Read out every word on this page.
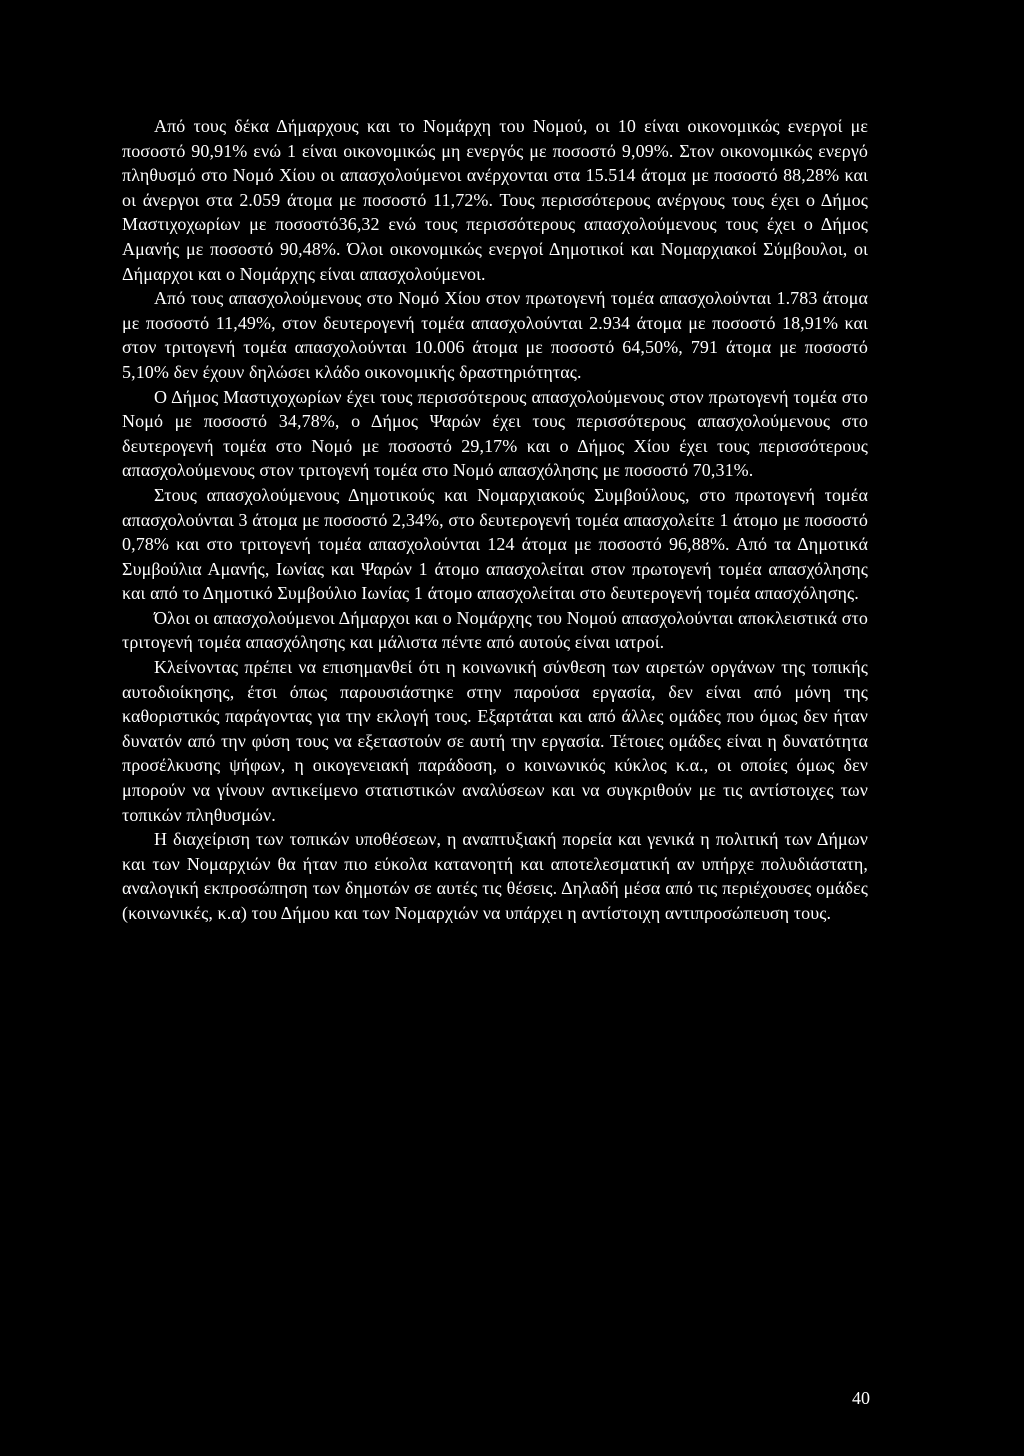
Από τους δέκα Δήμαρχους και το Νομάρχη του Νομού, οι 10 είναι οικονομικώς ενεργοί με ποσοστό 90,91% ενώ 1 είναι οικονομικώς μη ενεργός με ποσοστό 9,09%. Στον οικονομικώς ενεργό πληθυσμό στο Νομό Χίου οι απασχολούμενοι ανέρχονται στα 15.514 άτομα με ποσοστό 88,28% και οι άνεργοι στα 2.059 άτομα με ποσοστό 11,72%. Τους περισσότερους ανέργους τους έχει ο Δήμος Μαστιχοχωρίων με ποσοστό36,32 ενώ τους περισσότερους απασχολούμενους τους έχει ο Δήμος Αμανής με ποσοστό 90,48%. Όλοι οικονομικώς ενεργοί Δημοτικοί και Νομαρχιακοί Σύμβουλοι, οι Δήμαρχοι και ο Νομάρχης είναι απασχολούμενοι.

Από τους απασχολούμενους στο Νομό Χίου στον πρωτογενή τομέα απασχολούνται 1.783 άτομα με ποσοστό 11,49%, στον δευτερογενή τομέα απασχολούνται 2.934 άτομα με ποσοστό 18,91% και στον τριτογενή τομέα απασχολούνται 10.006 άτομα με ποσοστό 64,50%, 791 άτομα με ποσοστό 5,10% δεν έχουν δηλώσει κλάδο οικονομικής δραστηριότητας.

Ο Δήμος Μαστιχοχωρίων έχει τους περισσότερους απασχολούμενους στον πρωτογενή τομέα στο Νομό με ποσοστό 34,78%, ο Δήμος Ψαρών έχει τους περισσότερους απασχολούμενους στο δευτερογενή τομέα στο Νομό με ποσοστό 29,17% και ο Δήμος Χίου έχει τους περισσότερους απασχολούμενους στον τριτογενή τομέα στο Νομό απασχόλησης με ποσοστό 70,31%.

Στους απασχολούμενους Δημοτικούς και Νομαρχιακούς Συμβούλους, στο πρωτογενή τομέα απασχολούνται 3 άτομα με ποσοστό 2,34%, στο δευτερογενή τομέα απασχολείτε 1 άτομο με ποσοστό 0,78% και στο τριτογενή τομέα απασχολούνται 124 άτομα με ποσοστό 96,88%. Από τα Δημοτικά Συμβούλια Αμανής, Ιωνίας και Ψαρών 1 άτομο απασχολείται στον πρωτογενή τομέα απασχόλησης και από το Δημοτικό Συμβούλιο Ιωνίας 1 άτομο απασχολείται στο δευτερογενή τομέα απασχόλησης.

Όλοι οι απασχολούμενοι Δήμαρχοι και ο Νομάρχης του Νομού απασχολούνται αποκλειστικά στο τριτογενή τομέα απασχόλησης και μάλιστα πέντε από αυτούς είναι ιατροί.

Κλείνοντας πρέπει να επισημανθεί ότι η κοινωνική σύνθεση των αιρετών οργάνων της τοπικής αυτοδιοίκησης, έτσι όπως παρουσιάστηκε στην παρούσα εργασία, δεν είναι από μόνη της καθοριστικός παράγοντας για την εκλογή τους. Εξαρτάται και από άλλες ομάδες που όμως δεν ήταν δυνατόν από την φύση τους να εξεταστούν σε αυτή την εργασία. Τέτοιες ομάδες είναι η δυνατότητα προσέλκυσης ψήφων, η οικογενειακή παράδοση, ο κοινωνικός κύκλος κ.α., οι οποίες όμως δεν μπορούν να γίνουν αντικείμενο στατιστικών αναλύσεων και να συγκριθούν με τις αντίστοιχες των τοπικών πληθυσμών.

Η διαχείριση των τοπικών υποθέσεων, η αναπτυξιακή πορεία και γενικά η πολιτική των Δήμων και των Νομαρχιών θα ήταν πιο εύκολα κατανοητή και αποτελεσματική αν υπήρχε πολυδιάστατη, αναλογική εκπροσώπηση των δημοτών σε αυτές τις θέσεις. Δηλαδή μέσα από τις περιέχουσες ομάδες (κοινωνικές, κ.α) του Δήμου και των Νομαρχιών να υπάρχει η αντίστοιχη αντιπροσώπευση τους.

40
